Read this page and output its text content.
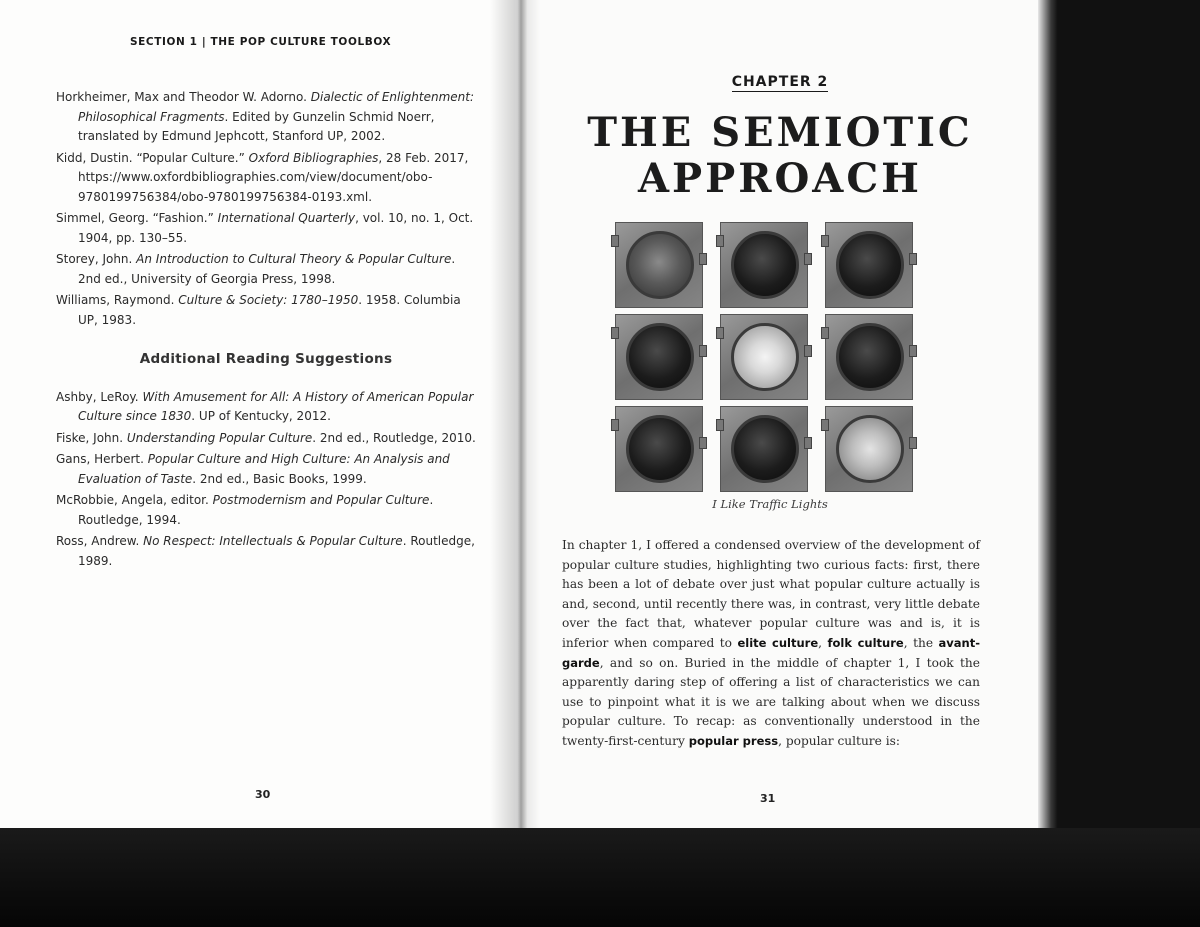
SECTION 1 | THE POP CULTURE TOOLBOX
Horkheimer, Max and Theodor W. Adorno. Dialectic of Enlightenment: Philosophical Fragments. Edited by Gunzelin Schmid Noerr, translated by Edmund Jephcott, Stanford UP, 2002.
Kidd, Dustin. “Popular Culture.” Oxford Bibliographies, 28 Feb. 2017, https://www.oxfordbibliographies.com/view/document/obo-9780199756384/obo-9780199756384-0193.xml.
Simmel, Georg. “Fashion.” International Quarterly, vol. 10, no. 1, Oct. 1904, pp. 130–55.
Storey, John. An Introduction to Cultural Theory & Popular Culture. 2nd ed., University of Georgia Press, 1998.
Williams, Raymond. Culture & Society: 1780–1950. 1958. Columbia UP, 1983.
Additional Reading Suggestions
Ashby, LeRoy. With Amusement for All: A History of American Popular Culture since 1830. UP of Kentucky, 2012.
Fiske, John. Understanding Popular Culture. 2nd ed., Routledge, 2010.
Gans, Herbert. Popular Culture and High Culture: An Analysis and Evaluation of Taste. 2nd ed., Basic Books, 1999.
McRobbie, Angela, editor. Postmodernism and Popular Culture. Routledge, 1994.
Ross, Andrew. No Respect: Intellectuals & Popular Culture. Routledge, 1989.
30
CHAPTER 2
THE SEMIOTIC
APPROACH
I Like Traffic Lights
In chapter 1, I offered a condensed overview of the development of popular culture studies, highlighting two curious facts: first, there has been a lot of debate over just what popular culture actually is and, second, until recently there was, in contrast, very little debate over the fact that, whatever popular culture was and is, it is inferior when compared to elite culture, folk culture, the avant-garde, and so on. Buried in the middle of chapter 1, I took the apparently daring step of offering a list of characteristics we can use to pinpoint what it is we are talking about when we discuss popular culture. To recap: as conventionally understood in the twenty-first-century popular press, popular culture is:
31
